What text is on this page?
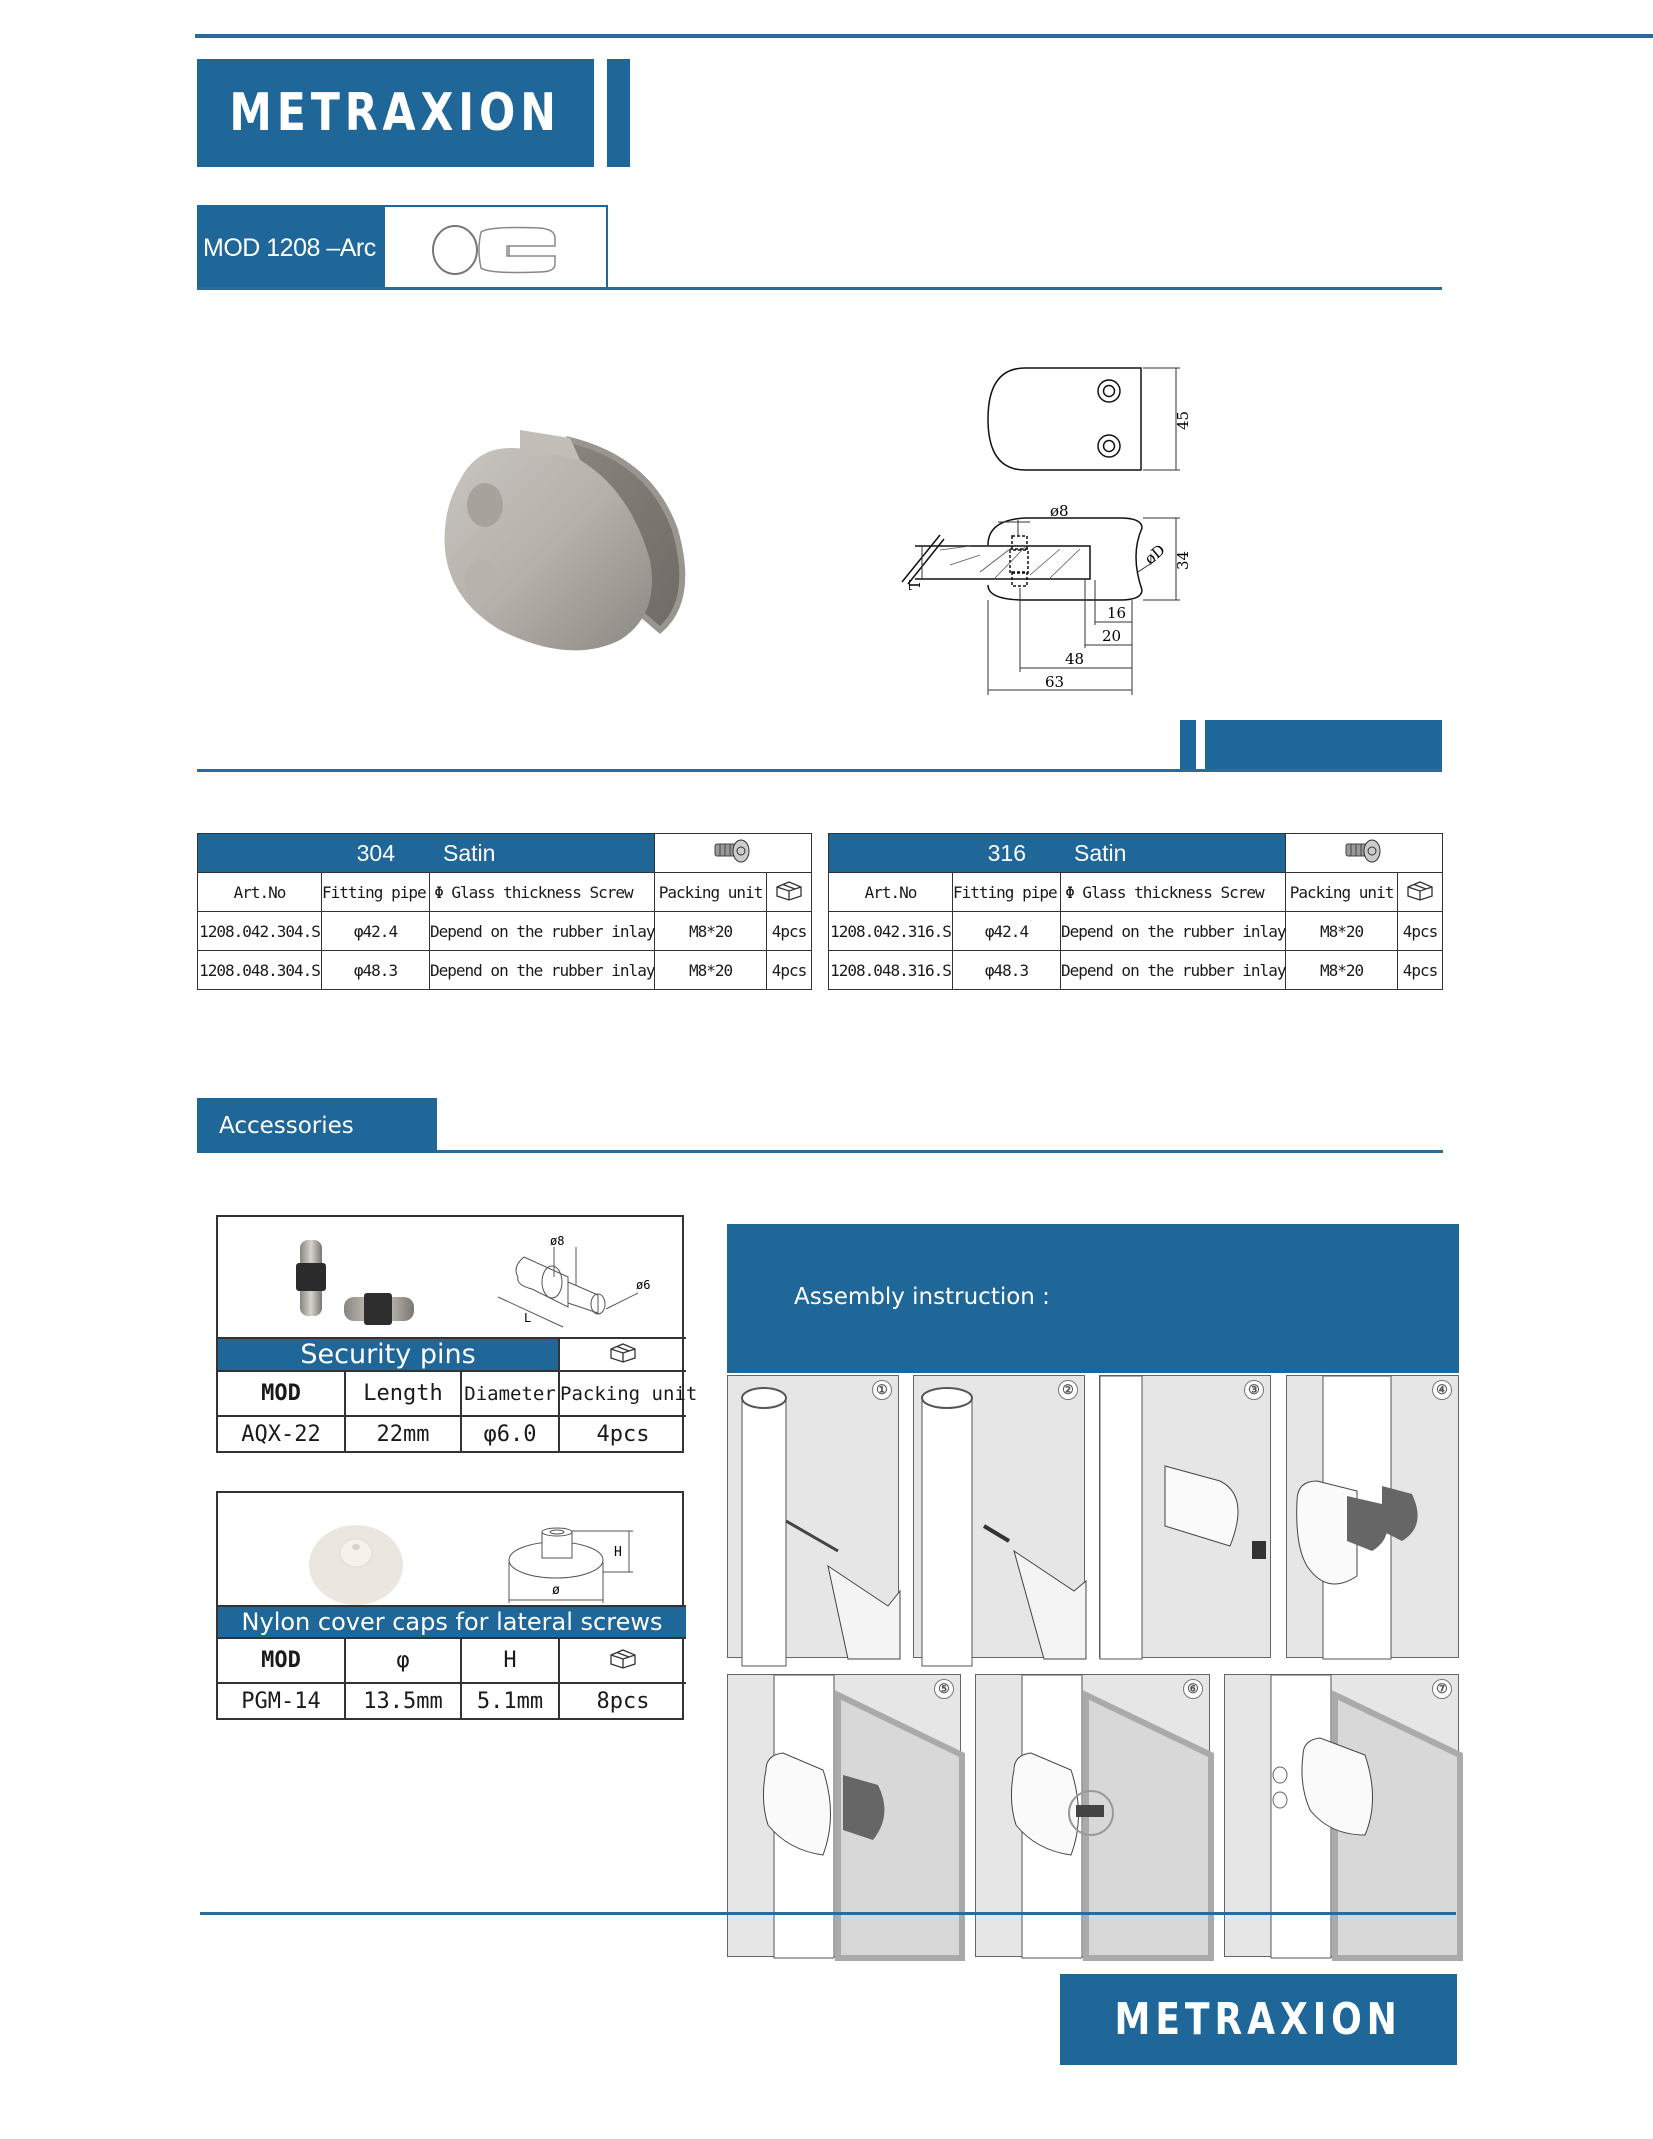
METRAXION
MOD 1208 –Arc
ø8
45
34
øD
T
16
20
48
63
304 Satin	
Art.No	Fitting pipe Φ	Glass thickness Screw	Packing unit	
1208.042.304.S	φ42.4	Depend on the rubber inlay	M8*20	4pcs
1208.048.304.S	φ48.3	Depend on the rubber inlay	M8*20	4pcs
316 Satin	
Art.No	Fitting pipe Φ	Glass thickness Screw	Packing unit	
1208.042.316.S	φ42.4	Depend on the rubber inlay	M8*20	4pcs
1208.048.316.S	φ48.3	Depend on the rubber inlay	M8*20	4pcs
Accessories
ø8
ø6
L
Security pins	
MOD	Length	Diameter	Packing unit
AQX-22	22mm	φ6.0	4pcs
ø
H
Nylon cover caps for lateral screws			
MOD	φ	H	
PGM-14	13.5mm	5.1mm	8pcs
Assembly instruction :
①	②	③	④
⑤	⑥	⑦
METRAXION
